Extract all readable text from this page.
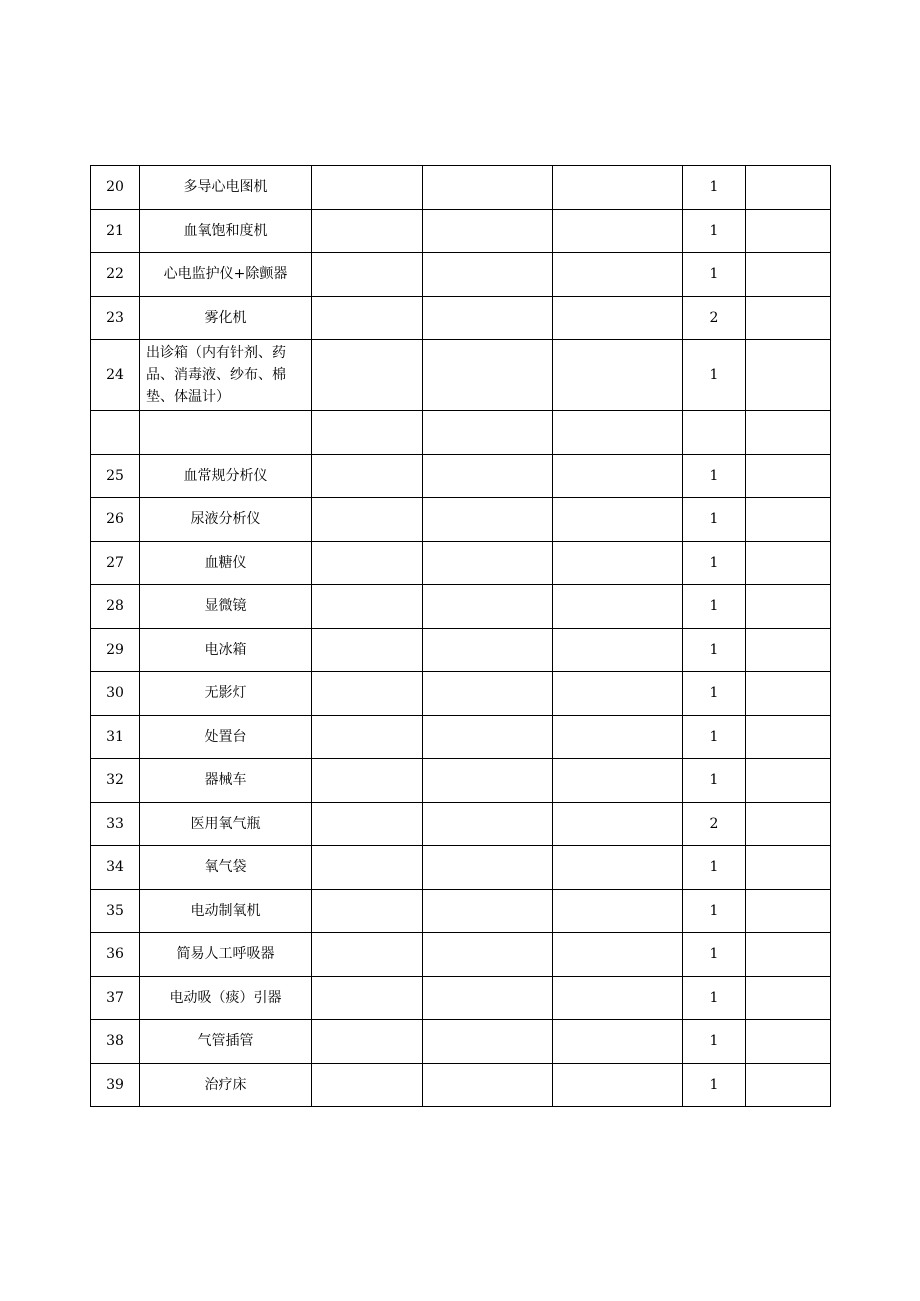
20	多导心电图机				1	
21	血氧饱和度机				1	
22	心电监护仪+除颤器				1	
23	雾化机				2	
24	出诊箱（内有针剂、药品、消毒液、纱布、棉垫、体温计）				1	

25	血常规分析仪				1	
26	尿液分析仪				1	
27	血糖仪				1	
28	显微镜				1	
29	电冰箱				1	
30	无影灯				1	
31	处置台				1	
32	器械车				1	
33	医用氧气瓶				2	
34	氧气袋				1	
35	电动制氧机				1	
36	简易人工呼吸器				1	
37	电动吸（痰）引器				1	
38	气管插管				1	
39	治疗床				1	
